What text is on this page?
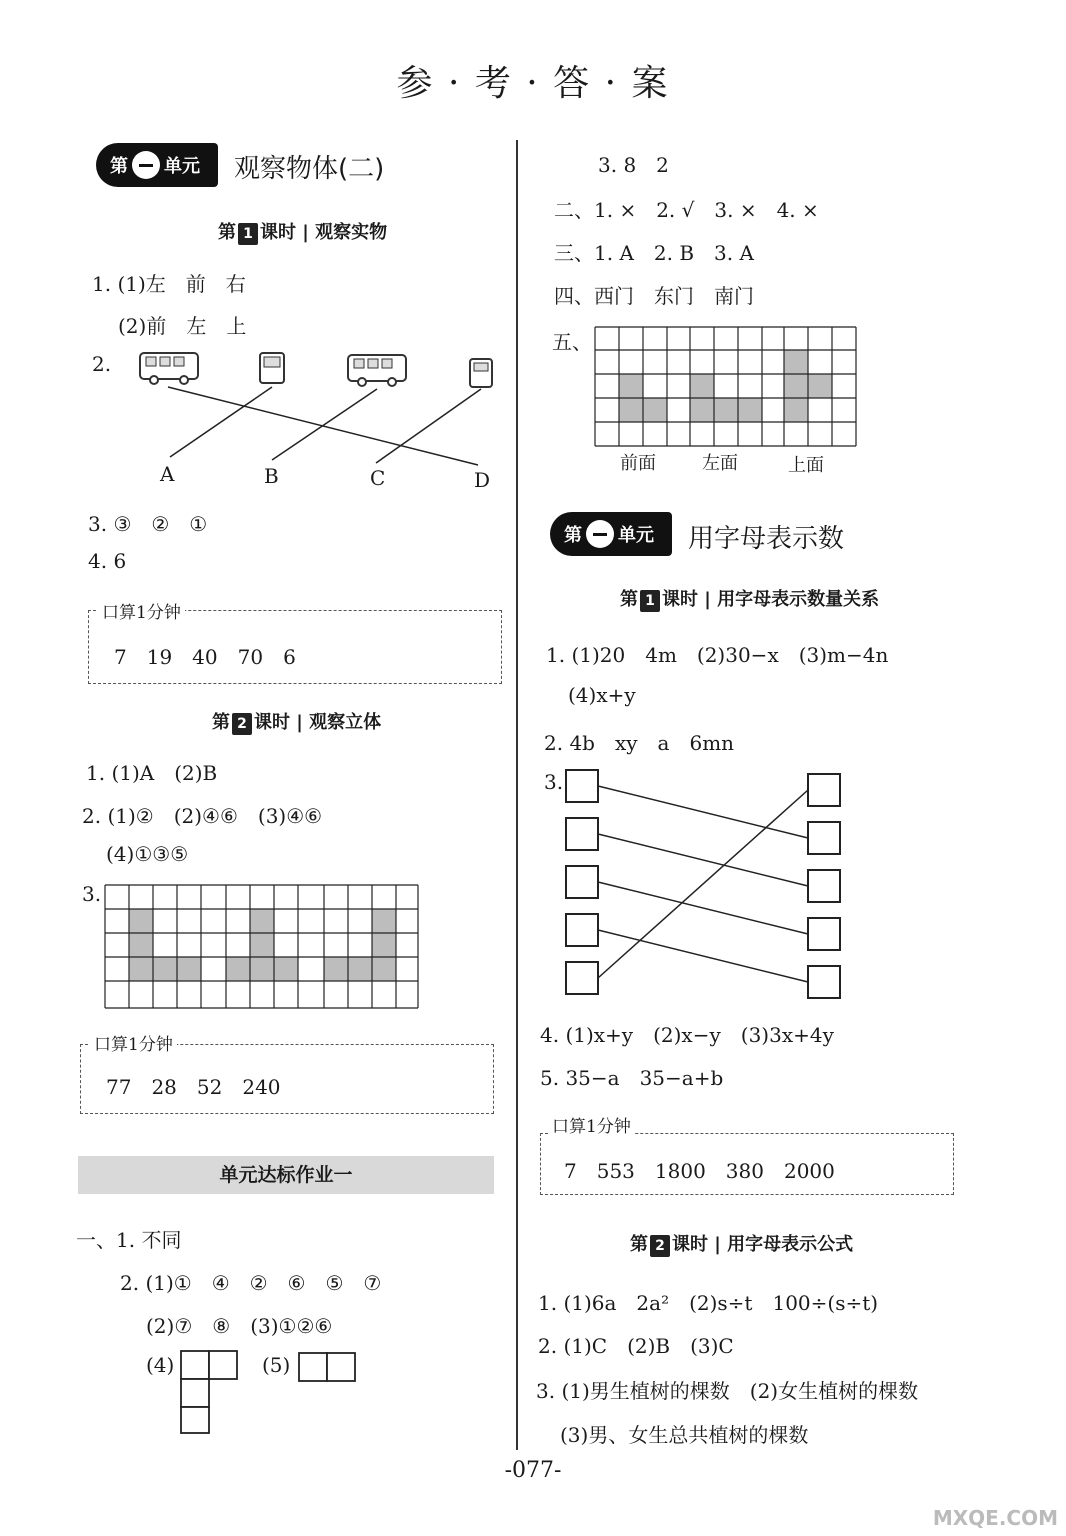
参 · 考 · 答 · 案
第 单元 观察物体(二)
第 1 课时 | 观察实物
1. (1)左　前　右
(2)前　左　上
2.
A	B	C	D
3. ③　②　①
4. 6
口算1分钟
7　19　40　70　6
第 2 课时 | 观察立体
1. (1)A　(2)B
2. (1)②　(2)④⑥　(3)④⑥
(4)①③⑤
3.
口算1分钟
77　28　52　240
单元达标作业一
一、1. 不同
2. (1)①　④　②　⑥　⑤　⑦
(2)⑦　⑧　(3)①②⑥
(4)	(5)
3. 8　2
二、1. ×　2. √　3. ×　4. ×
三、1. A　2. B　3. A
四、西门　东门　南门
五、
前面	左面	上面
第 单元 用字母表示数
第 1 课时 | 用字母表示数量关系
1. (1)20　4m　(2)30−x　(3)m−4n
(4)x+y
2. 4b　xy　a　6mn
3.
4. (1)x+y　(2)x−y　(3)3x+4y
5. 35−a　35−a+b
口算1分钟
7　553　1800　380　2000
第 2 课时 | 用字母表示公式
1. (1)6a　2a²　(2)s÷t　100÷(s÷t)
2. (1)C　(2)B　(3)C
3. (1)男生植树的棵数　(2)女生植树的棵数
(3)男、女生总共植树的棵数
-077-
MXQE.COM
